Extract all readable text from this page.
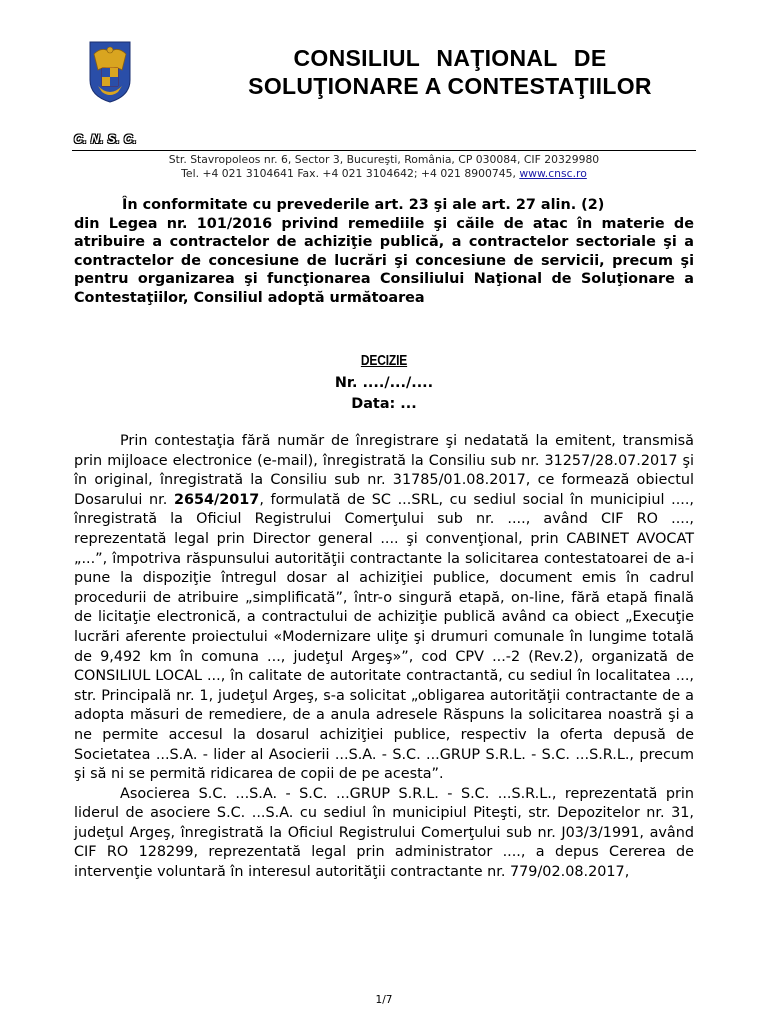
CONSILIUL NAŢIONAL DE
SOLUŢIONARE A CONTESTAŢIILOR
C. N. S. C.
Str. Stavropoleos nr. 6, Sector 3, Bucureşti, România, CP 030084, CIF 20329980
Tel. +4 021 3104641 Fax. +4 021 3104642; +4 021 8900745, www.cnsc.ro
În conformitate cu prevederile art. 23 şi ale art. 27 alin. (2)
din Legea nr. 101/2016 privind remediile şi căile de atac în materie de atribuire a contractelor de achiziţie publică, a contractelor sectoriale şi a contractelor de concesiune de lucrări şi concesiune de servicii, precum şi pentru organizarea şi funcţionarea Consiliului Naţional de Soluţionare a Contestaţiilor, Consiliul adoptă următoarea
DECIZIE
Nr. ..../.../....
Data: ...

Prin contestaţia fără număr de înregistrare şi nedatată la emitent, transmisă prin mijloace electronice (e-mail), înregistrată la Consiliu sub nr. 31257/28.07.2017 şi în original, înregistrată la Consiliu sub nr. 31785/01.08.2017, ce formează obiectul Dosarului nr. 2654/2017, formulată de SC ...SRL, cu sediul social în municipiul ...., înregistrată la Oficiul Registrului Comerţului sub nr. ...., având CIF RO ...., reprezentată legal prin Director general .... şi convenţional, prin CABINET AVOCAT „...”, împotriva răspunsului autorităţii contractante la solicitarea contestatoarei de a-i pune la dispoziţie întregul dosar al achiziţiei publice, document emis în cadrul procedurii de atribuire „simplificată”, într-o singură etapă, on-line, fără etapă finală de licitaţie electronică, a contractului de achiziţie publică având ca obiect „Execuţie lucrări aferente proiectului «Modernizare uliţe şi drumuri comunale în lungime totală de 9,492 km în comuna ..., judeţul Argeş»”, cod CPV ...-2 (Rev.2), organizată de CONSILIUL LOCAL ..., în calitate de autoritate contractantă, cu sediul în localitatea ..., str. Principală nr. 1, judeţul Argeş, s-a solicitat „obligarea autorităţii contractante de a adopta măsuri de remediere, de a anula adresele Răspuns la solicitarea noastră şi a ne permite accesul la dosarul achiziţiei publice, respectiv la oferta depusă de Societatea ...S.A. - lider al Asocierii ...S.A. - S.C. ...GRUP S.R.L. - S.C. ...S.R.L., precum şi să ni se permită ridicarea de copii de pe acesta”.

Asocierea S.C. ...S.A. - S.C. ...GRUP S.R.L. - S.C. ...S.R.L., reprezentată prin liderul de asociere S.C. ...S.A. cu sediul în municipiul Piteşti, str. Depozitelor nr. 31, judeţul Argeş, înregistrată la Oficiul Registrului Comerţului sub nr. J03/3/1991, având CIF RO 128299, reprezentată legal prin administrator ...., a depus Cererea de intervenţie voluntară în interesul autorităţii contractante nr. 779/02.08.2017,

1/7
